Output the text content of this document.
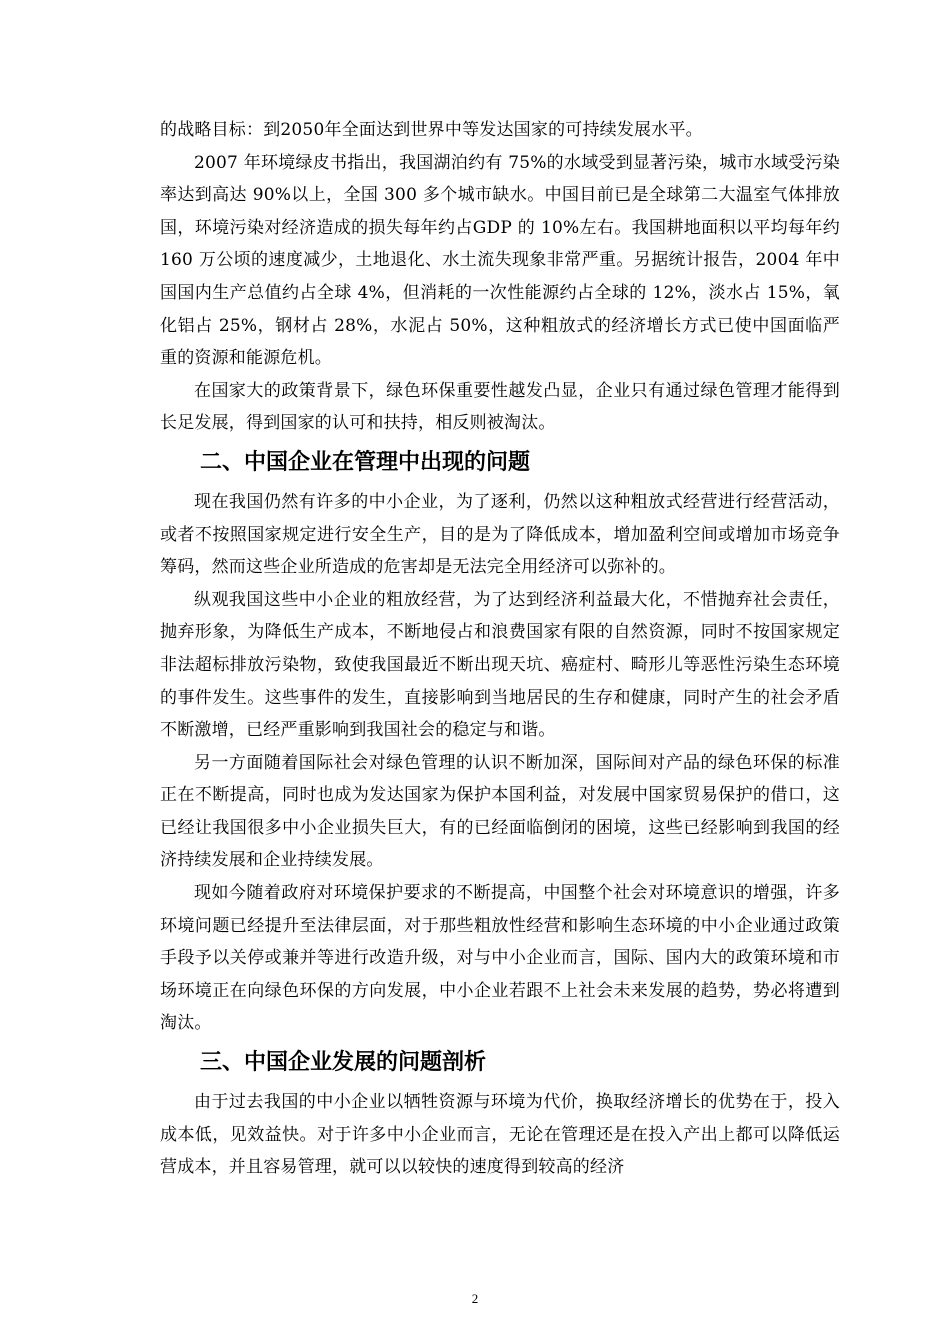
的战略目标：到2050年全面达到世界中等发达国家的可持续发展水平。

2007 年环境绿皮书指出，我国湖泊约有 75%的水域受到显著污染，城市水域受污染率达到高达 90%以上，全国 300 多个城市缺水。中国目前已是全球第二大温室气体排放国，环境污染对经济造成的损失每年约占GDP 的 10%左右。我国耕地面积以平均每年约 160 万公顷的速度减少，土地退化、水土流失现象非常严重。另据统计报告，2004 年中国国内生产总值约占全球 4%，但消耗的一次性能源约占全球的 12%，淡水占 15%，氧化铝占 25%，钢材占 28%，水泥占 50%，这种粗放式的经济增长方式已使中国面临严重的资源和能源危机。

在国家大的政策背景下，绿色环保重要性越发凸显，企业只有通过绿色管理才能得到长足发展，得到国家的认可和扶持，相反则被淘汰。

二、中国企业在管理中出现的问题

现在我国仍然有许多的中小企业，为了逐利，仍然以这种粗放式经营进行经营活动，或者不按照国家规定进行安全生产，目的是为了降低成本，增加盈利空间或增加市场竞争筹码，然而这些企业所造成的危害却是无法完全用经济可以弥补的。

纵观我国这些中小企业的粗放经营，为了达到经济利益最大化，不惜抛弃社会责任，抛弃形象，为降低生产成本，不断地侵占和浪费国家有限的自然资源，同时不按国家规定非法超标排放污染物，致使我国最近不断出现天坑、癌症村、畸形儿等恶性污染生态环境的事件发生。这些事件的发生，直接影响到当地居民的生存和健康，同时产生的社会矛盾不断激增，已经严重影响到我国社会的稳定与和谐。

另一方面随着国际社会对绿色管理的认识不断加深，国际间对产品的绿色环保的标准正在不断提高，同时也成为发达国家为保护本国利益，对发展中国家贸易保护的借口，这已经让我国很多中小企业损失巨大，有的已经面临倒闭的困境，这些已经影响到我国的经济持续发展和企业持续发展。

现如今随着政府对环境保护要求的不断提高，中国整个社会对环境意识的增强，许多环境问题已经提升至法律层面，对于那些粗放性经营和影响生态环境的中小企业通过政策手段予以关停或兼并等进行改造升级，对与中小企业而言，国际、国内大的政策环境和市场环境正在向绿色环保的方向发展，中小企业若跟不上社会未来发展的趋势，势必将遭到淘汰。

三、中国企业发展的问题剖析

由于过去我国的中小企业以牺牲资源与环境为代价，换取经济增长的优势在于，投入成本低，见效益快。对于许多中小企业而言，无论在管理还是在投入产出上都可以降低运营成本，并且容易管理，就可以以较快的速度得到较高的经济

2
